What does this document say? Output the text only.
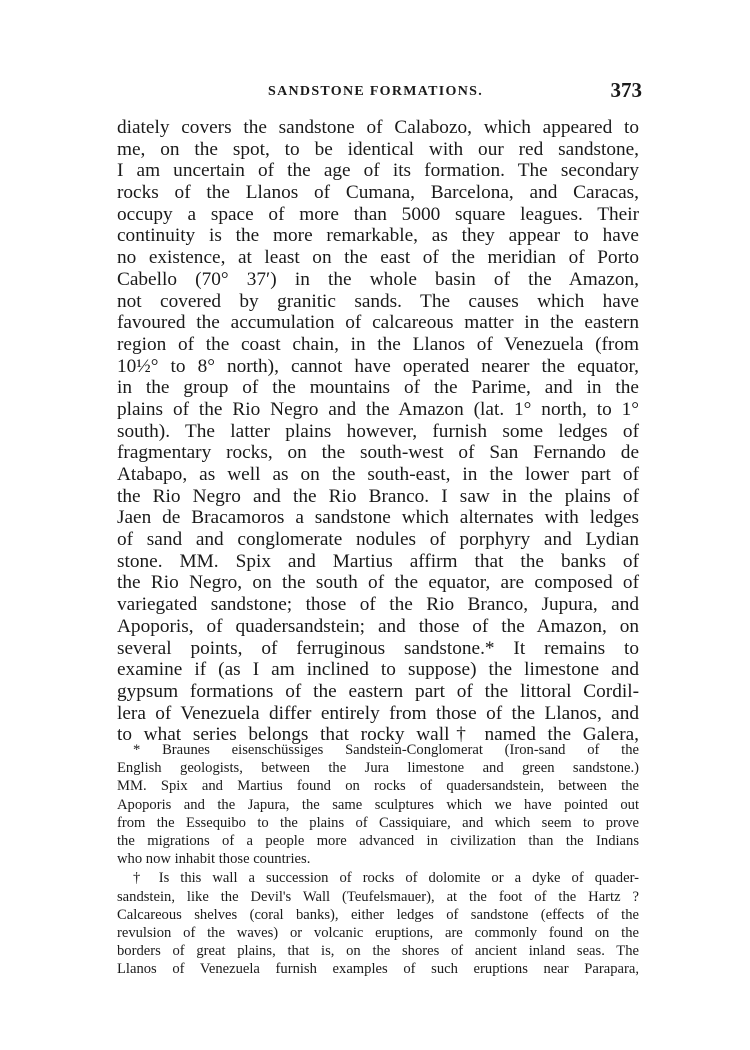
SANDSTONE FORMATIONS.	373
diately covers the sandstone of Calabozo, which appeared to
me, on the spot, to be identical with our red sandstone,
I am uncertain of the age of its formation. The secondary
rocks of the Llanos of Cumana, Barcelona, and Caracas,
occupy a space of more than 5000 square leagues. Their
continuity is the more remarkable, as they appear to have
no existence, at least on the east of the meridian of Porto
Cabello (70° 37′) in the whole basin of the Amazon,
not covered by granitic sands. The causes which have
favoured the accumulation of calcareous matter in the eastern
region of the coast chain, in the Llanos of Venezuela (from
10½° to 8° north), cannot have operated nearer the equator,
in the group of the mountains of the Parime, and in the
plains of the Rio Negro and the Amazon (lat. 1° north, to 1°
south). The latter plains however, furnish some ledges of
fragmentary rocks, on the south-west of San Fernando de
Atabapo, as well as on the south-east, in the lower part of
the Rio Negro and the Rio Branco. I saw in the plains of
Jaen de Bracamoros a sandstone which alternates with ledges
of sand and conglomerate nodules of porphyry and Lydian
stone. MM. Spix and Martius affirm that the banks of
the Rio Negro, on the south of the equator, are composed of
variegated sandstone; those of the Rio Branco, Jupura, and
Apoporis, of quadersandstein; and those of the Amazon, on
several points, of ferruginous sandstone.* It remains to
examine if (as I am inclined to suppose) the limestone and
gypsum formations of the eastern part of the littoral Cordil-
lera of Venezuela differ entirely from those of the Llanos, and
to what series belongs that rocky wall† named the Galera,
* Braunes eisenschüssiges Sandstein-Conglomerat (Iron-sand of the
English geologists, between the Jura limestone and green sandstone.)
MM. Spix and Martius found on rocks of quadersandstein, between the
Apoporis and the Japura, the same sculptures which we have pointed out
from the Essequibo to the plains of Cassiquiare, and which seem to prove
the migrations of a people more advanced in civilization than the Indians
who now inhabit those countries.
† Is this wall a succession of rocks of dolomite or a dyke of quader-
sandstein, like the Devil's Wall (Teufelsmauer), at the foot of the Hartz ?
Calcareous shelves (coral banks), either ledges of sandstone (effects of the
revulsion of the waves) or volcanic eruptions, are commonly found on the
borders of great plains, that is, on the shores of ancient inland seas. The
Llanos of Venezuela furnish examples of such eruptions near Parapara,
